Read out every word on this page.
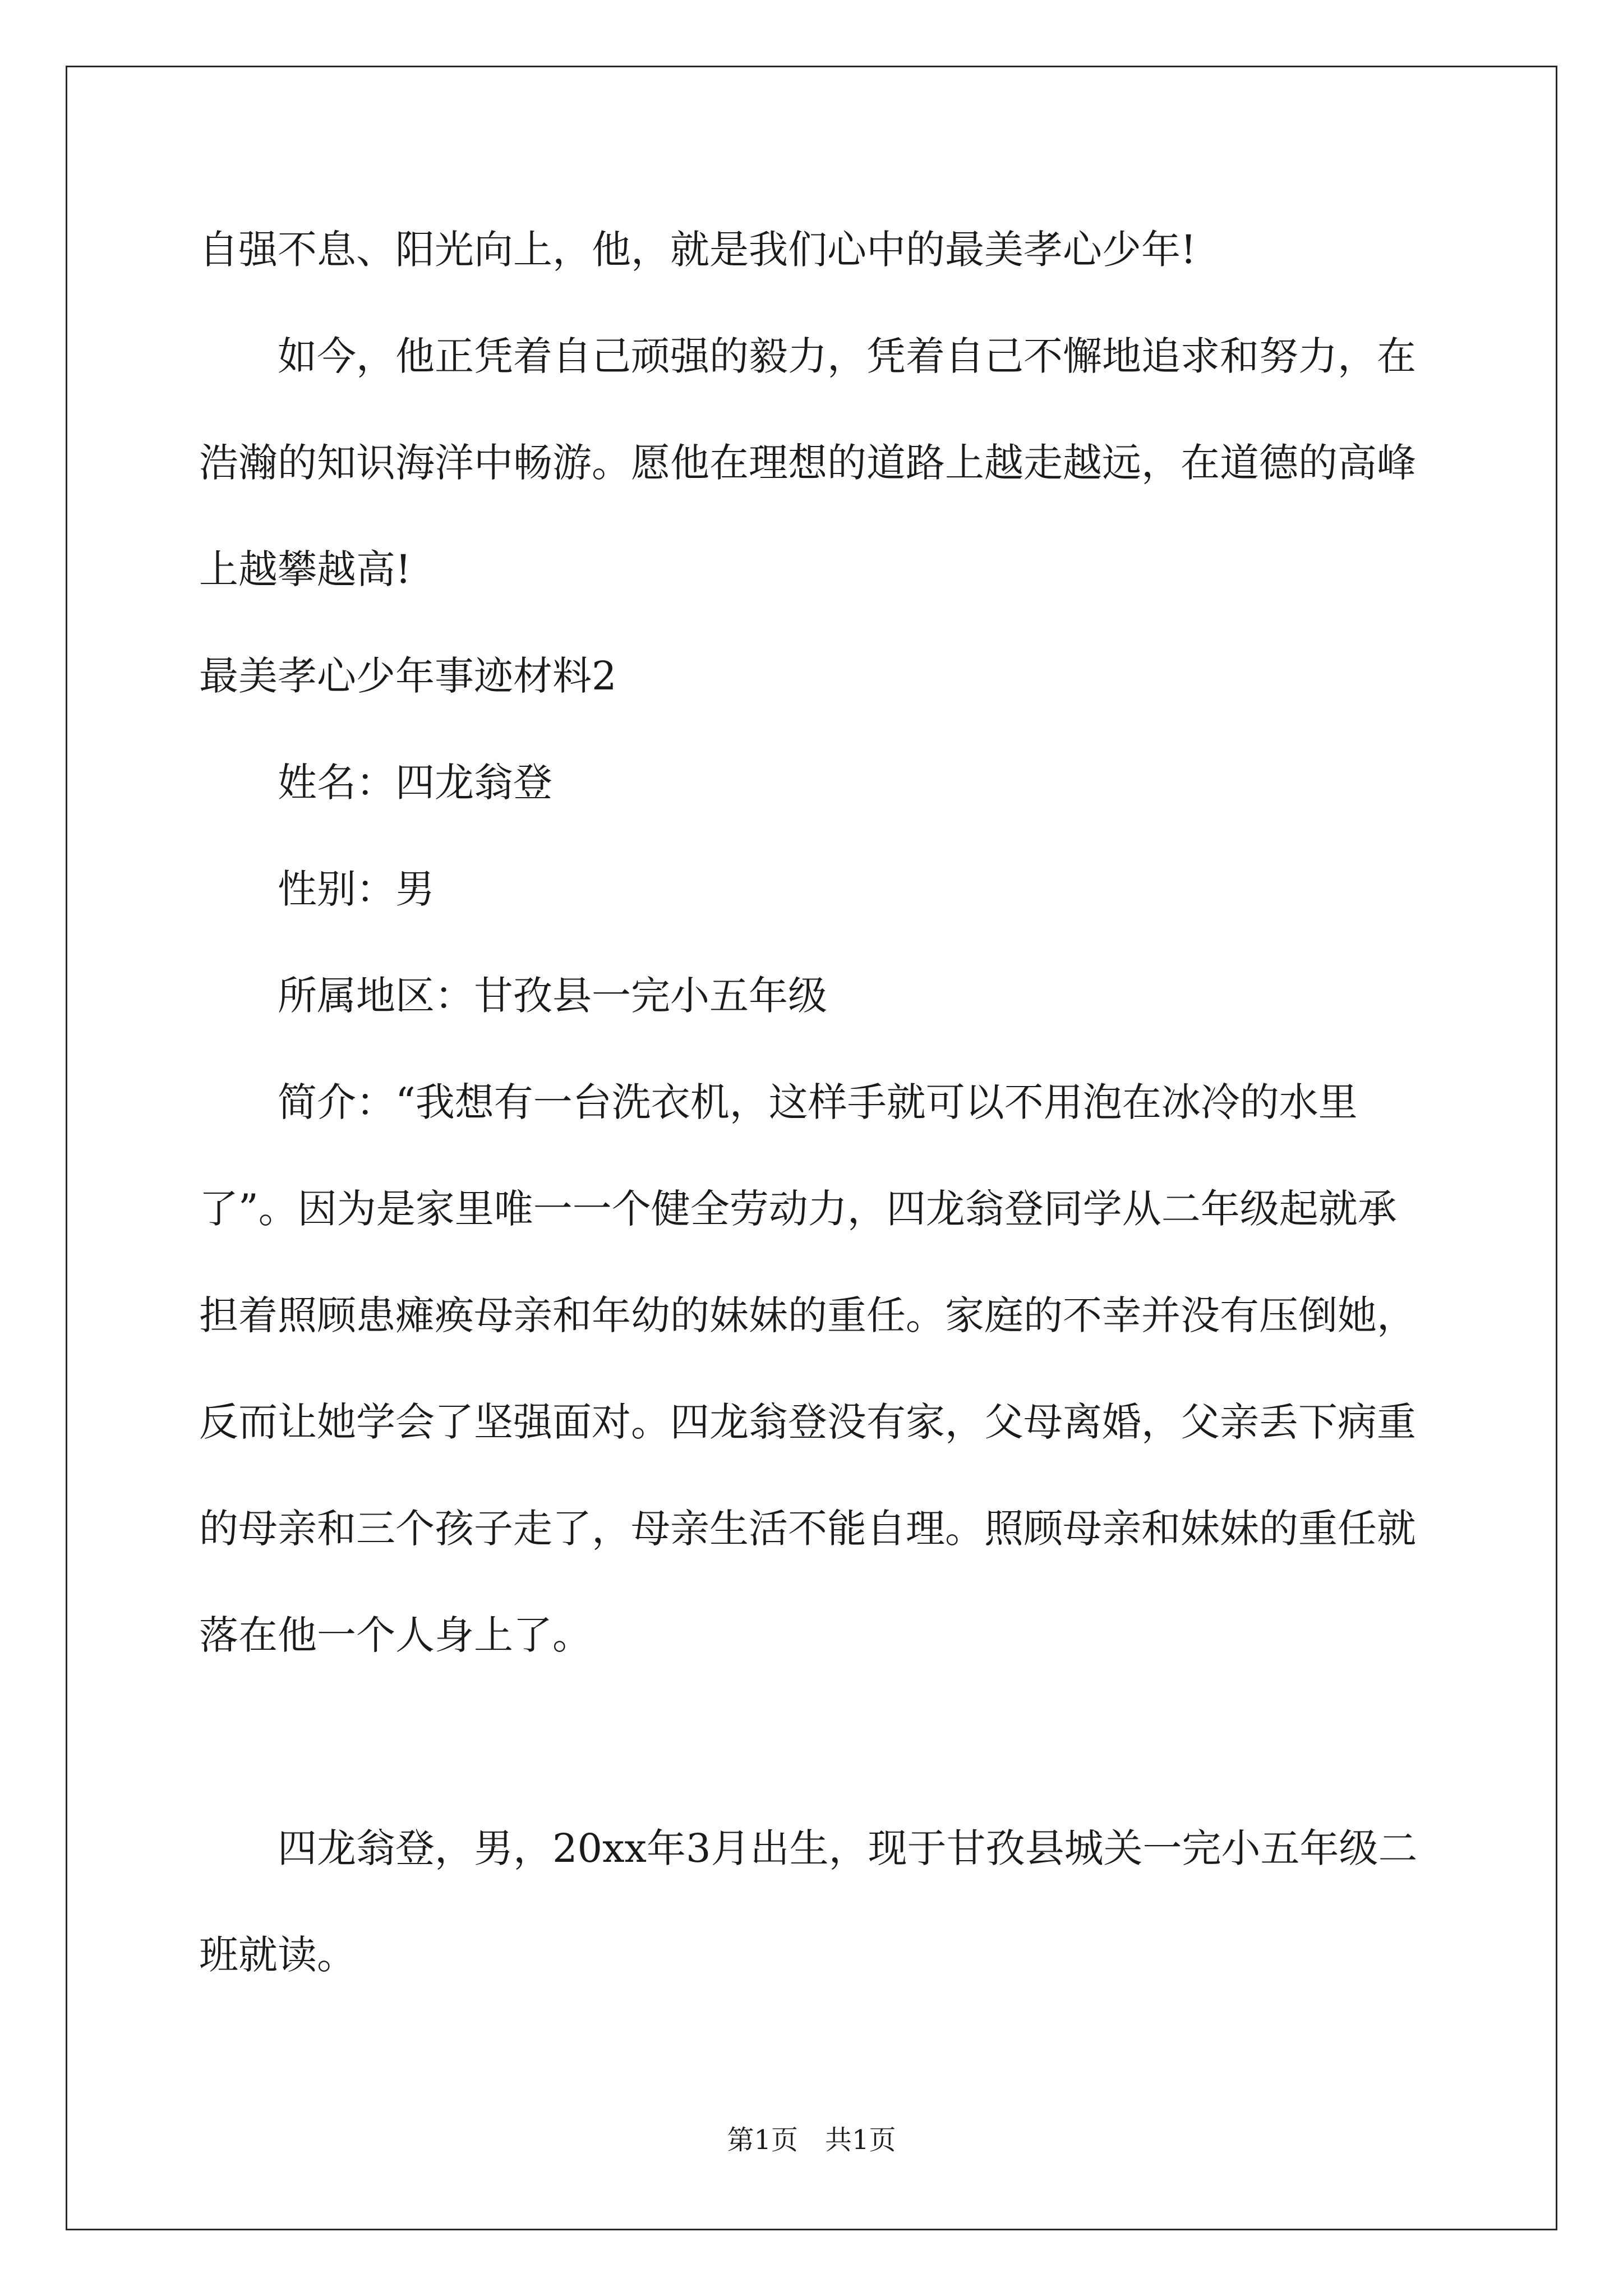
自强不息、阳光向上，他，就是我们心中的最美孝心少年!

如今，他正凭着自己顽强的毅力，凭着自己不懈地追求和努力，在浩瀚的知识海洋中畅游。愿他在理想的道路上越走越远，在道德的高峰上越攀越高!

最美孝心少年事迹材料2

姓名：四龙翁登

性别：男

所属地区：甘孜县一完小五年级

简介：“我想有一台洗衣机，这样手就可以不用泡在冰冷的水里了”。因为是家里唯一一个健全劳动力，四龙翁登同学从二年级起就承担着照顾患瘫痪母亲和年幼的妹妹的重任。家庭的不幸并没有压倒她，反而让她学会了坚强面对。四龙翁登没有家，父母离婚，父亲丢下病重的母亲和三个孩子走了，母亲生活不能自理。照顾母亲和妹妹的重任就落在他一个人身上了。

四龙翁登，男，20xx年3月出生，现于甘孜县城关一完小五年级二班就读。

第1页　共1页
